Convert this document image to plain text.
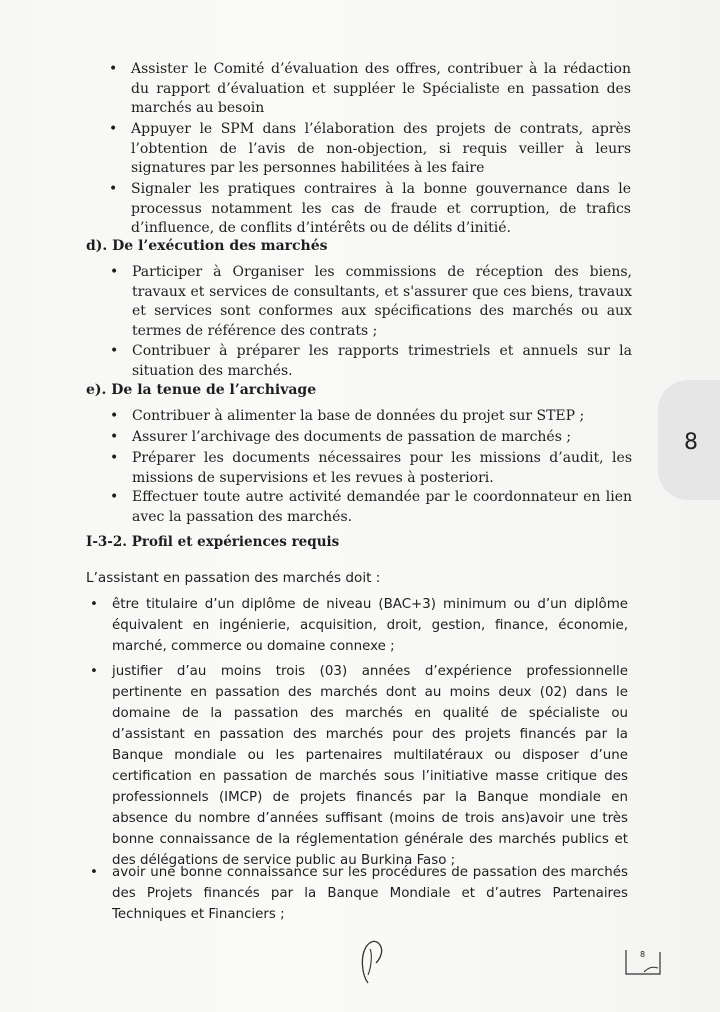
• Assister le Comité d’évaluation des offres, contribuer à la rédaction du rapport d’évaluation et suppléer le Spécialiste en passation des marchés au besoin
• Appuyer le SPM dans l’élaboration des projets de contrats, après l’obtention de l’avis de non-objection, si requis veiller à leurs signatures par les personnes habilitées à les faire
• Signaler les pratiques contraires à la bonne gouvernance dans le processus notamment les cas de fraude et corruption, de trafics d’influence, de conflits d’intérêts ou de délits d’initié.
d). De l’exécution des marchés
• Participer à Organiser les commissions de réception des biens, travaux et services de consultants, et s'assurer que ces biens, travaux et services sont conformes aux spécifications des marchés ou aux termes de référence des contrats ;
• Contribuer à préparer les rapports trimestriels et annuels sur la situation des marchés.
e). De la tenue de l’archivage
• Contribuer à alimenter la base de données du projet sur STEP ;
• Assurer l’archivage des documents de passation de marchés ;
• Préparer les documents nécessaires pour les missions d’audit, les missions de supervisions et les revues à posteriori.
• Effectuer toute autre activité demandée par le coordonnateur en lien avec la passation des marchés.
I-3-2. Profil et expériences requis
L’assistant en passation des marchés doit :
• être titulaire d’un diplôme de niveau (BAC+3) minimum ou d’un diplôme équivalent en ingénierie, acquisition, droit, gestion, finance, économie, marché, commerce ou domaine connexe ;
• justifier d’au moins trois (03) années d’expérience professionnelle pertinente en passation des marchés dont au moins deux (02) dans le domaine de la passation des marchés en qualité de spécialiste ou d’assistant en passation des marchés pour des projets financés par la Banque mondiale ou les partenaires multilatéraux ou disposer d’une certification en passation de marchés sous l’initiative masse critique des professionnels (IMCP) de projets financés par la Banque mondiale en absence du nombre d’années suffisant (moins de trois ans)avoir une très bonne connaissance de la réglementation générale des marchés publics et des délégations de service public au Burkina Faso ;
• avoir une bonne connaissance sur les procédures de passation des marchés des Projets financés par la Banque Mondiale et d’autres Partenaires Techniques et Financiers ;
8
8
